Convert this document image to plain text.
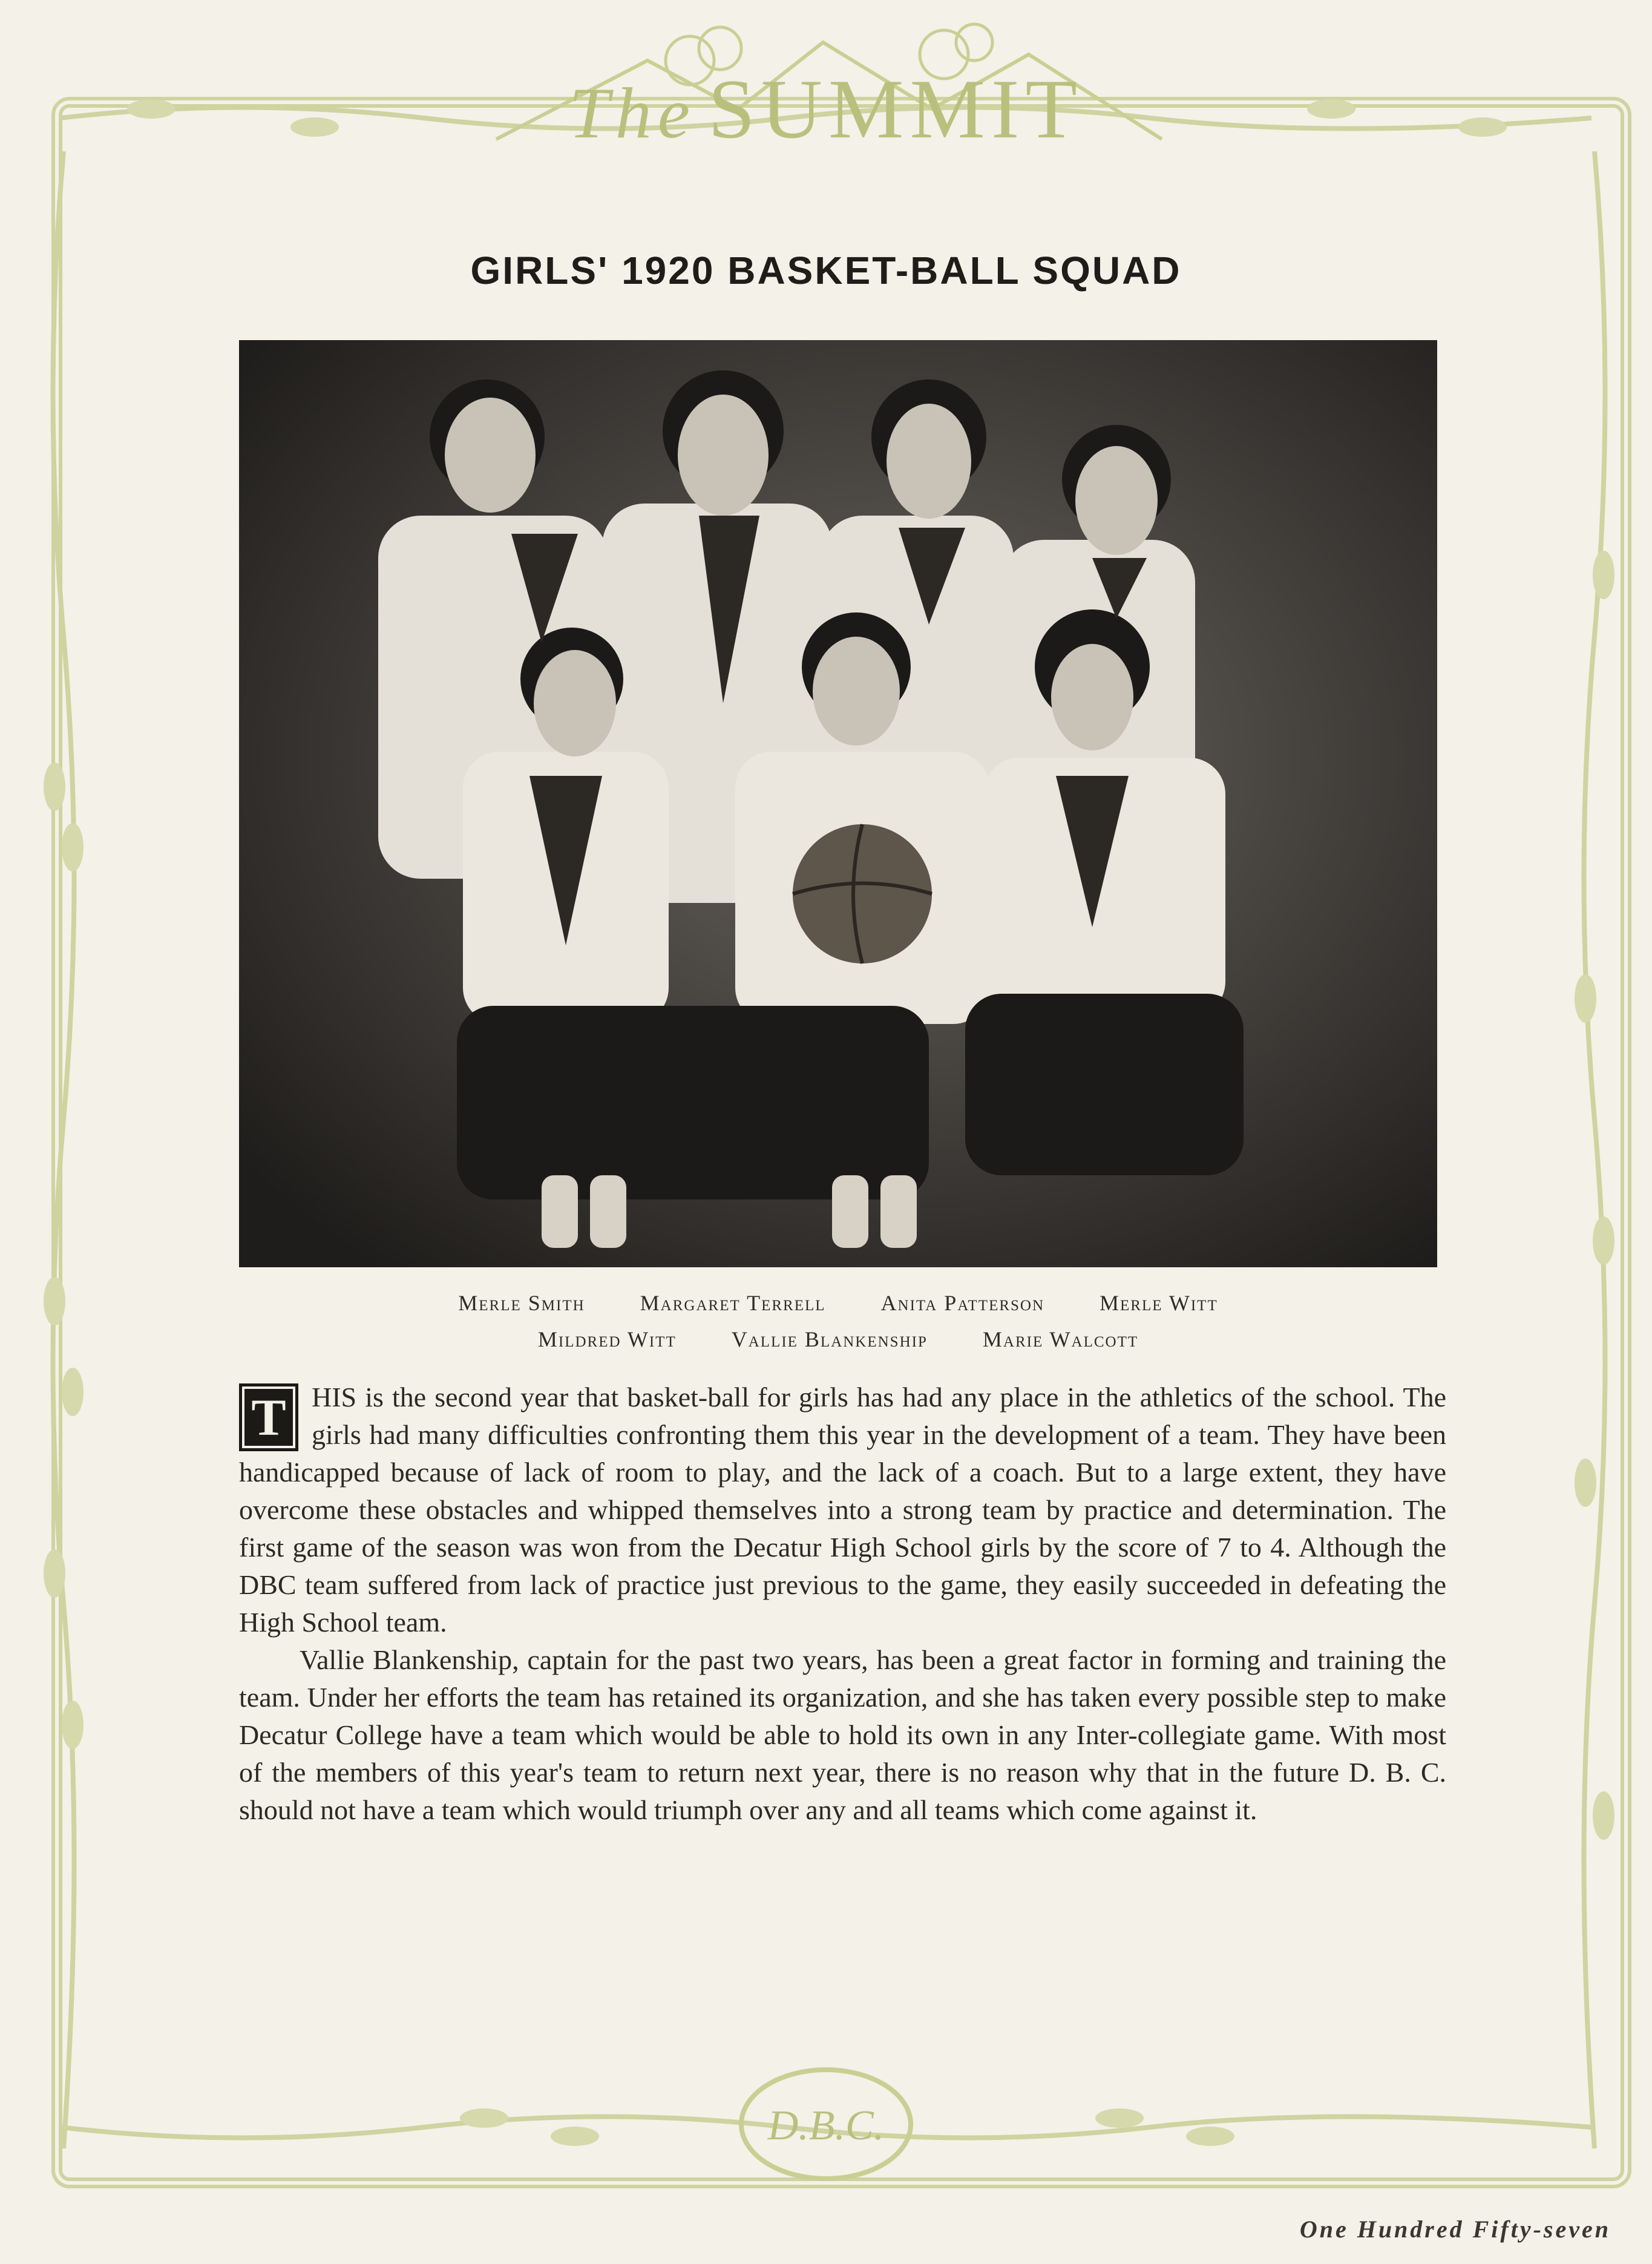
The SUMMIT
GIRLS' 1920 BASKET-BALL SQUAD
Merle Smith	Margaret Terrell	Anita Patterson	Merle Witt
Mildred Witt	Vallie Blankenship	Marie Walcott

T HIS is the second year that basket-ball for girls has had any place in the athletics of the school. The girls had many difficulties confronting them this year in the development of a team. They have been handicapped because of lack of room to play, and the lack of a coach. But to a large extent, they have overcome these obstacles and whipped themselves into a strong team by practice and determination. The first game of the season was won from the Decatur High School girls by the score of 7 to 4. Although the DBC team suffered from lack of practice just previous to the game, they easily succeeded in defeating the High School team.

Vallie Blankenship, captain for the past two years, has been a great factor in forming and training the team. Under her efforts the team has retained its organization, and she has taken every possible step to make Decatur College have a team which would be able to hold its own in any Inter-collegiate game. With most of the members of this year's team to return next year, there is no reason why that in the future D. B. C. should not have a team which would triumph over any and all teams which come against it.

D.B.C.
One Hundred Fifty-seven
